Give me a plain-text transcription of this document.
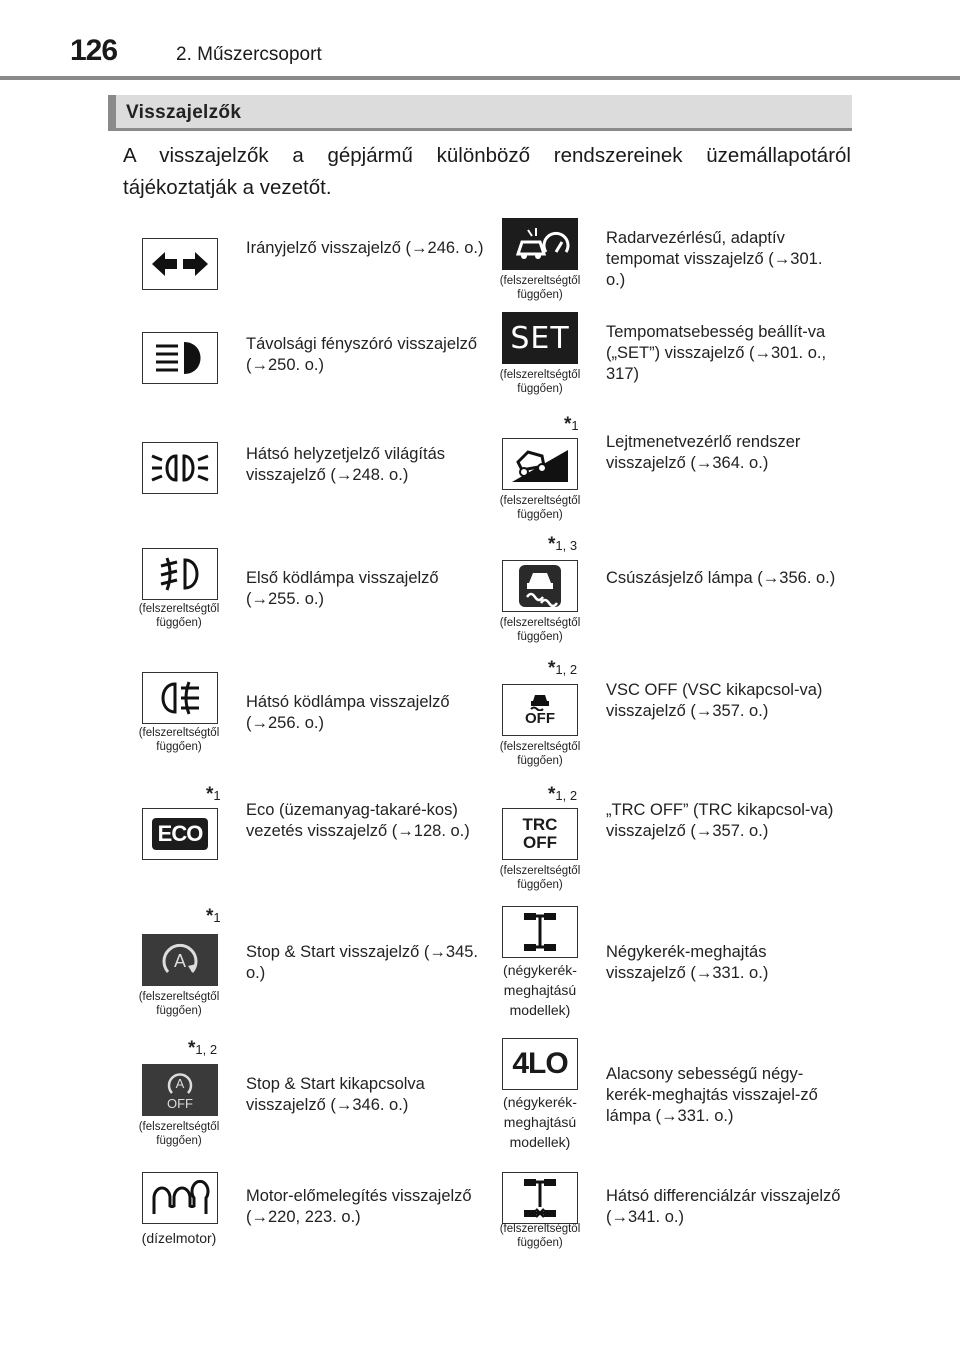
126	2. Műszercsoport
Visszajelzők

A visszajelzők a gépjármű különböző rendszereinek üzemállapotáról tájékoztatják a vezetőt.

Irányjelző visszajelző (→246. o.)
(felszereltségtől függően)
Radarvezérlésű, adaptív tempomat visszajelző (→301. o.)
Távolsági fényszóró visszajelző (→250. o.)
SET
(felszereltségtől függően)
Tempomatsebesség beállít-va („SET”) visszajelző (→301. o., 317)
Hátsó helyzetjelző világítás visszajelző (→248. o.)
*1
(felszereltségtől függően)
Lejtmenetvezérlő rendszer visszajelző (→364. o.)
(felszereltségtől függően)
Első ködlámpa visszajelző (→255. o.)
*1, 3
(felszereltségtől függően)
Csúszásjelző lámpa (→356. o.)
(felszereltségtől függően)
Hátsó ködlámpa visszajelző (→256. o.)
*1, 2
OFF
(felszereltségtől függően)
VSC OFF (VSC kikapcsol-va) visszajelző (→357. o.)
*1
ECO
Eco (üzemanyag-takaré-kos) vezetés visszajelző (→128. o.)
*1, 2
TRC
OFF
(felszereltségtől függően)
„TRC OFF” (TRC kikapcsol-va) visszajelző (→357. o.)
*1
A
(felszereltségtől függően)
Stop & Start visszajelző (→345. o.)	(négykerék-meghajtású modellek)
Négykerék-meghajtás visszajelző (→331. o.)
*1, 2
A
OFF
(felszereltségtől függően)
Stop & Start kikapcsolva visszajelző (→346. o.)
4LO
(négykerék-meghajtású modellek)
Alacsony sebességű négy-kerék-meghajtás visszajel-ző lámpa (→331. o.)
(dízelmotor)
Motor-előmelegítés visszajelző (→220, 223. o.)
(felszereltségtől függően)
Hátsó differenciálzár visszajelző (→341. o.)
